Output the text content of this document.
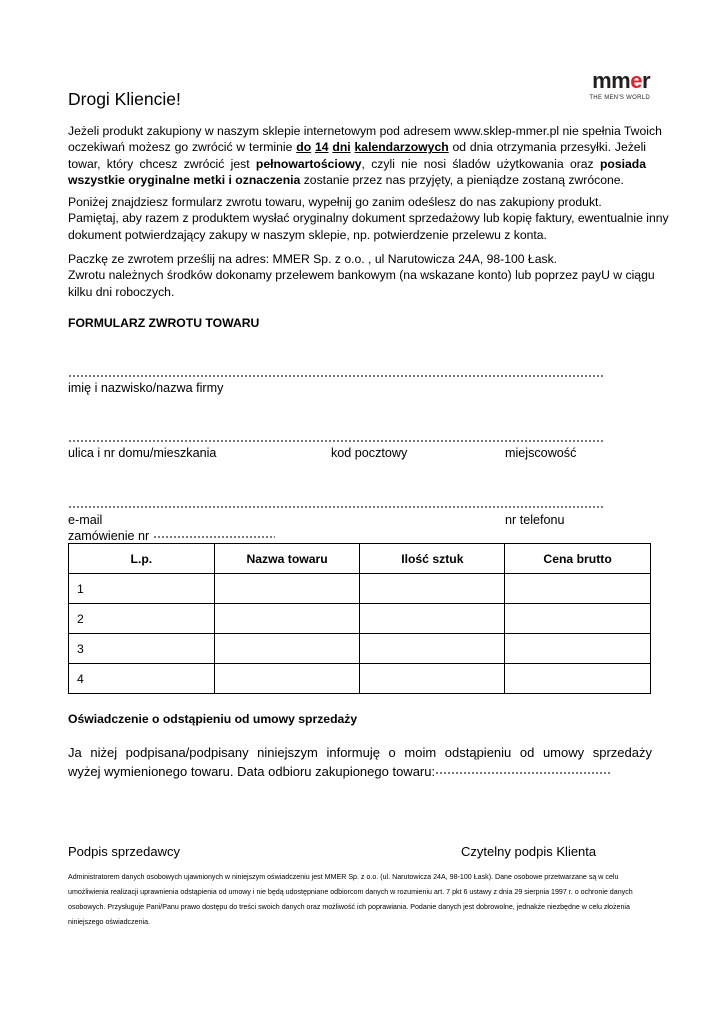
mmer
THE MEN'S WORLD
Drogi Kliencie!
Jeżeli produkt zakupiony w naszym sklepie internetowym pod adresem www.sklep-mmer.pl nie spełnia Twoich
oczekiwań możesz go zwrócić w terminie do 14 dni kalendarzowych od dnia otrzymania przesyłki. Jeżeli
towar, który chcesz zwrócić jest pełnowartościowy, czyli nie nosi śladów użytkowania oraz posiada
wszystkie oryginalne metki i oznaczenia zostanie przez nas przyjęty, a pieniądze zostaną zwrócone.
Poniżej znajdziesz formularz zwrotu towaru, wypełnij go zanim odeślesz do nas zakupiony produkt.
Pamiętaj, aby razem z produktem wysłać oryginalny dokument sprzedażowy lub kopię faktury, ewentualnie inny
dokument potwierdzający zakupy w naszym sklepie, np. potwierdzenie przelewu z konta.
Paczkę ze zwrotem prześlij na adres: MMER Sp. z o.o. , ul Narutowicza 24A, 98-100 Łask.
Zwrotu należnych środków dokonamy przelewem bankowym (na wskazane konto) lub poprzez payU w ciągu
kilku dni roboczych.
FORMULARZ ZWROTU TOWARU
imię i nazwisko/nazwa firmy
ulica i nr domu/mieszkania	kod pocztowy	miejscowość
e-mail	nr telefonu
zamówienie nr
L.p.	Nazwa towaru	Ilość sztuk	Cena brutto
1			
2			
3			
4			
Oświadczenie o odstąpieniu od umowy sprzedaży
Ja niżej podpisana/podpisany niniejszym informuję o moim odstąpieniu od umowy sprzedaży
wyżej wymienionego towaru. Data odbioru zakupionego towaru:
Podpis sprzedawcy	Czytelny podpis Klienta
Administratorem danych osobowych ujawnionych w niniejszym oświadczeniu jest MMER Sp. z o.o. (ul. Narutowicza 24A, 98-100 Łask). Dane osobowe przetwarzane są w celu
umożliwienia realizacji uprawnienia odstąpienia od umowy i nie będą udostępniane odbiorcom danych w rozumieniu art. 7 pkt 6 ustawy z dnia 29 sierpnia 1997 r. o ochronie danych
osobowych. Przysługuje Pani/Panu prawo dostępu do treści swoich danych oraz możliwość ich poprawiania. Podanie danych jest dobrowolne, jednakże niezbędne w celu złożenia
niniejszego oświadczenia.
